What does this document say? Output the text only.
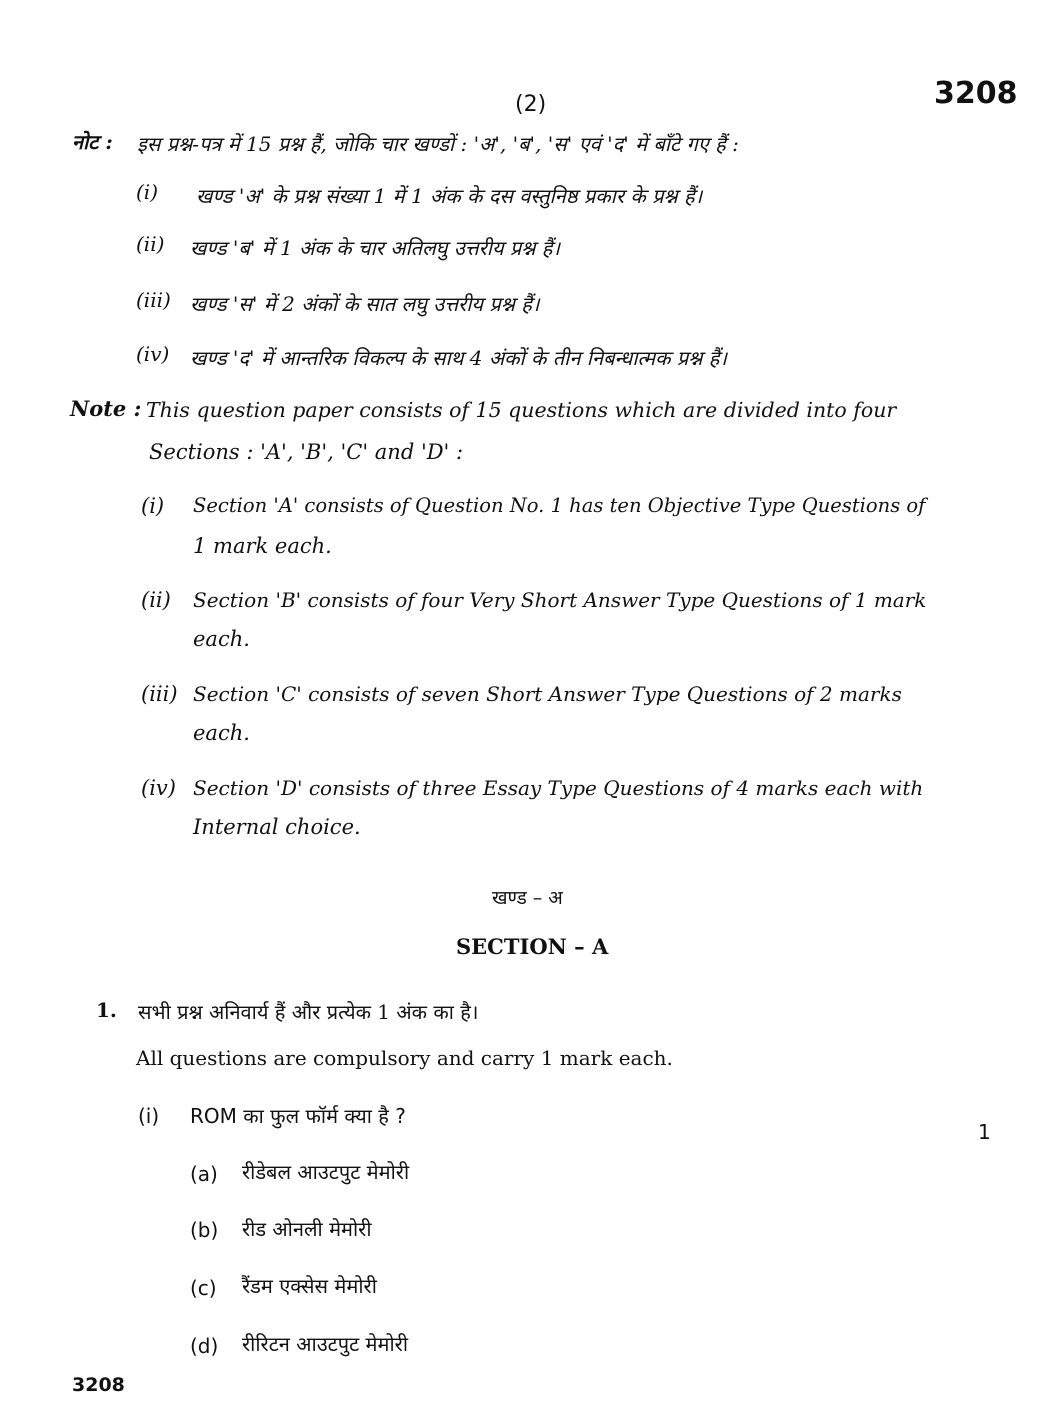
(2)	3208
नोट : इस प्रश्न-पत्र में 15 प्रश्न हैं, जोकि चार खण्डों : 'अ', 'ब', 'स' एवं 'द' में बाँटे गए हैं :
(i) खण्ड 'अ' के प्रश्न संख्या 1 में 1 अंक के दस वस्तुनिष्ठ प्रकार के प्रश्न हैं।
(ii) खण्ड 'ब' में 1 अंक के चार अतिलघु उत्तरीय प्रश्न हैं।
(iii) खण्ड 'स' में 2 अंकों के सात लघु उत्तरीय प्रश्न हैं।
(iv) खण्ड 'द' में आन्तरिक विकल्प के साथ 4 अंकों के तीन निबन्धात्मक प्रश्न हैं।
Note : This question paper consists of 15 questions which are divided into four
Sections : 'A', 'B', 'C' and 'D' :
(i) Section 'A' consists of Question No. 1 has ten Objective Type Questions of
1 mark each.
(ii) Section 'B' consists of four Very Short Answer Type Questions of 1 mark
each.
(iii) Section 'C' consists of seven Short Answer Type Questions of 2 marks
each.
(iv) Section 'D' consists of three Essay Type Questions of 4 marks each with
Internal choice.
खण्ड – अ
SECTION – A
1. सभी प्रश्न अनिवार्य हैं और प्रत्येक 1 अंक का है।
All questions are compulsory and carry 1 mark each.
(i) ROM का फुल फॉर्म क्या है ?
1
(a) रीडेबल आउटपुट मेमोरी
(b) रीड ओनली मेमोरी
(c) रैंडम एक्सेस मेमोरी
(d) रीरिटन आउटपुट मेमोरी
3208
